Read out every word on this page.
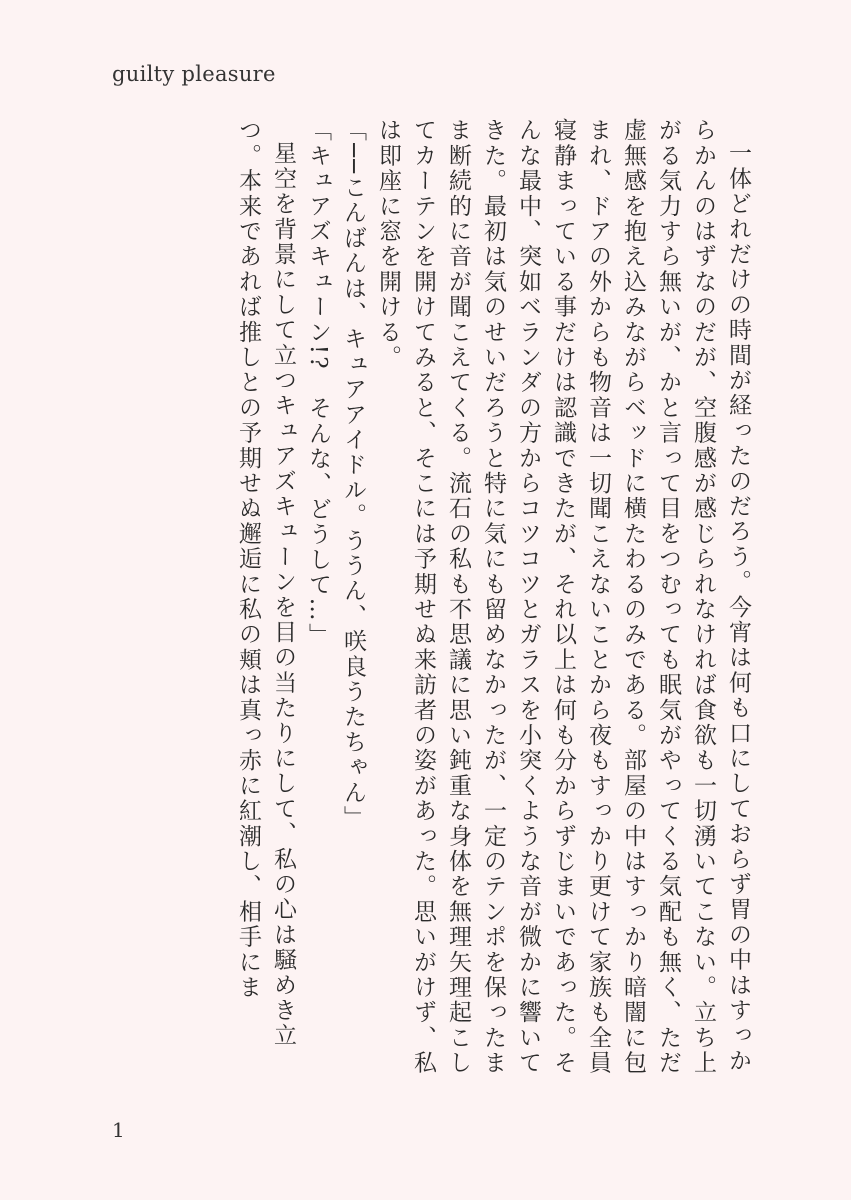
guilty pleasure

一体どれだけの時間が経ったのだろう。今宵は何も口にしておらず胃の中はすっからかんのはずなのだが、空腹感が感じられなければ食欲も一切湧いてこない。立ち上がる気力すら無いが、かと言って目をつむっても眠気がやってくる気配も無く、ただ虚無感を抱え込みながらベッドに横たわるのみである。部屋の中はすっかり暗闇に包まれ、ドアの外からも物音は一切聞こえないことから夜もすっかり更けて家族も全員寝静まっている事だけは認識できたが、それ以上は何も分からずじまいであった。そんな最中、突如ベランダの方からコツコツとガラスを小突くような音が微かに響いてきた。最初は気のせいだろうと特に気にも留めなかったが、一定のテンポを保ったまま断続的に音が聞こえてくる。流石の私も不思議に思い鈍重な身体を無理矢理起こしてカーテンを開けてみると、そこには予期せぬ来訪者の姿があった。思いがけず、私は即座に窓を開ける。

「──こんばんは、キュアアイドル。ううん、咲良うたちゃん」

「キュアズキューン!?　そんな、どうして…」

星空を背景にして立つキュアズキューンを目の当たりにして、私の心は騒めき立つ。本来であれば推しとの予期せぬ邂逅に私の頬は真っ赤に紅潮し、相手にま

1
